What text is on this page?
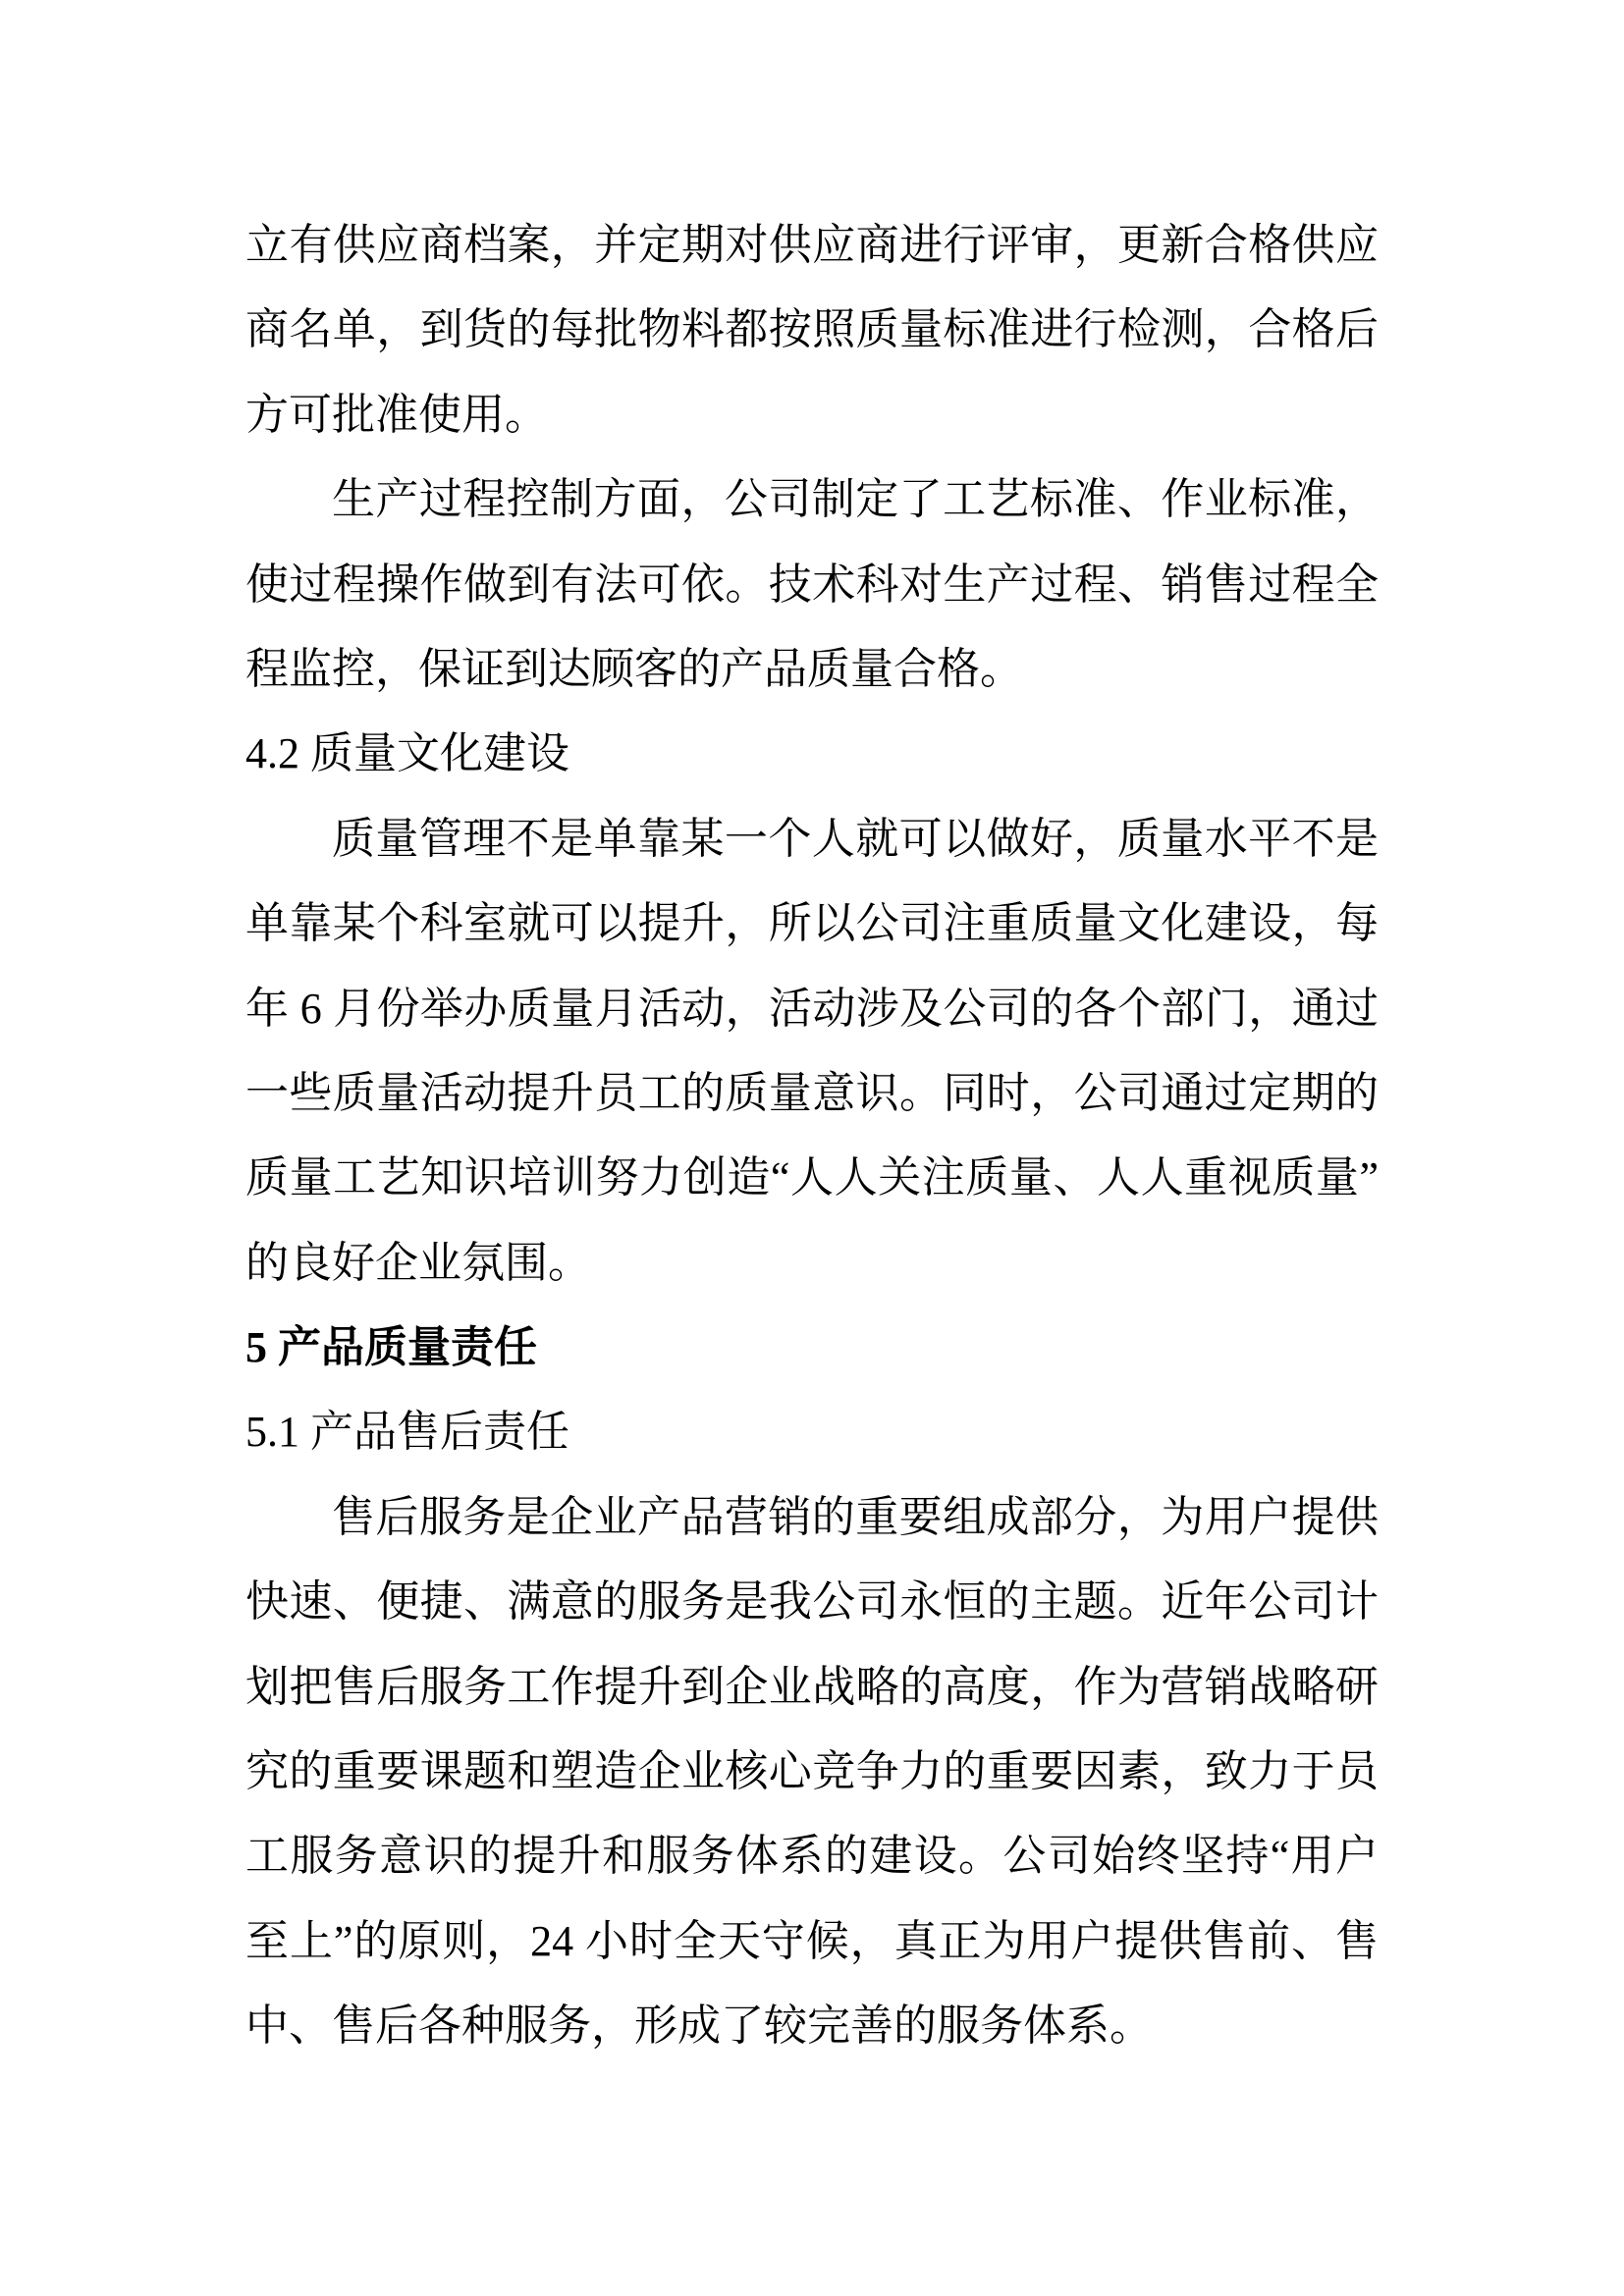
立有供应商档案，并定期对供应商进行评审，更新合格供应
商名单，到货的每批物料都按照质量标准进行检测，合格后
方可批准使用。
生产过程控制方面，公司制定了工艺标准、作业标准，
使过程操作做到有法可依。技术科对生产过程、销售过程全
程监控，保证到达顾客的产品质量合格。
4.2 质量文化建设
质量管理不是单靠某一个人就可以做好，质量水平不是
单靠某个科室就可以提升，所以公司注重质量文化建设，每
年 6 月份举办质量月活动，活动涉及公司的各个部门，通过
一些质量活动提升员工的质量意识。同时，公司通过定期的
质量工艺知识培训努力创造“人人关注质量、人人重视质量”
的良好企业氛围。
5 产品质量责任
5.1 产品售后责任
售后服务是企业产品营销的重要组成部分，为用户提供
快速、便捷、满意的服务是我公司永恒的主题。近年公司计
划把售后服务工作提升到企业战略的高度，作为营销战略研
究的重要课题和塑造企业核心竞争力的重要因素，致力于员
工服务意识的提升和服务体系的建设。公司始终坚持“用户
至上”的原则，24 小时全天守候，真正为用户提供售前、售
中、售后各种服务，形成了较完善的服务体系。
